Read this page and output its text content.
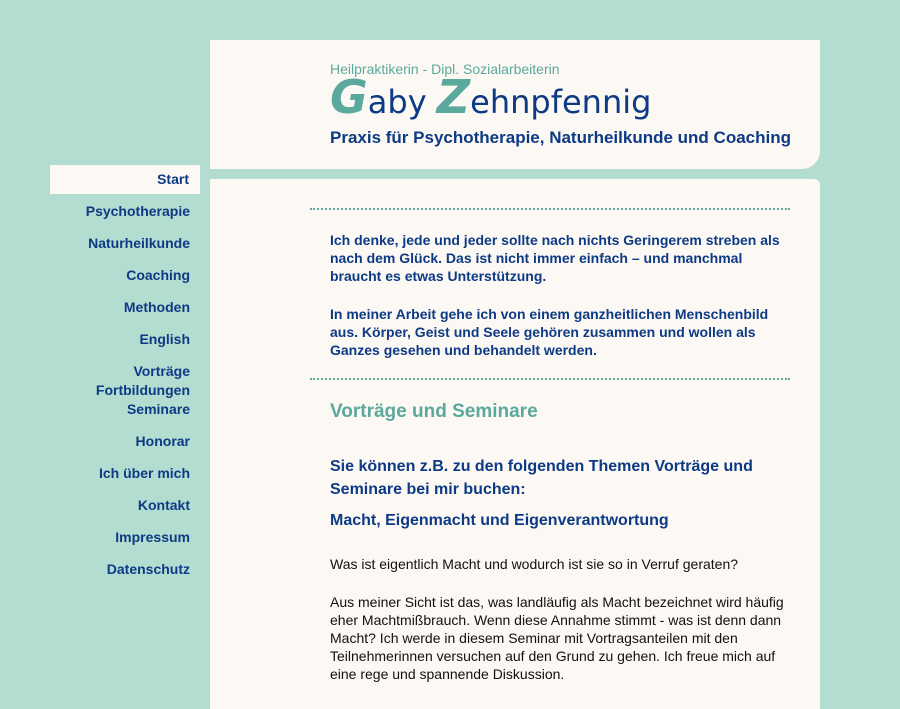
Heilpraktikerin - Dipl. Sozialarbeiterin
Gaby Zehnpfennig
Praxis für Psychotherapie, Naturheilkunde und Coaching
Start
Psychotherapie
Naturheilkunde
Coaching
Methoden
English
Vorträge
Fortbildungen
Seminare
Honorar
Ich über mich
Kontakt
Impressum
Datenschutz

Ich denke, jede und jeder sollte nach nichts Geringerem streben als nach dem Glück. Das ist nicht immer einfach – und manchmal braucht es etwas Unterstützung.

In meiner Arbeit gehe ich von einem ganzheitlichen Menschenbild aus. Körper, Geist und Seele gehören zusammen und wollen als Ganzes gesehen und behandelt werden.

Vorträge und Seminare
Sie können z.B. zu den folgenden Themen Vorträge und Seminare bei mir buchen:
Macht, Eigenmacht und Eigenverantwortung

Was ist eigentlich Macht und wodurch ist sie so in Verruf geraten?

Aus meiner Sicht ist das, was landläufig als Macht bezeichnet wird häufig eher Machtmißbrauch. Wenn diese Annahme stimmt - was ist denn dann Macht? Ich werde in diesem Seminar mit Vortragsanteilen mit den Teilnehmerinnen versuchen auf den Grund zu gehen. Ich freue mich auf eine rege und spannende Diskussion.
